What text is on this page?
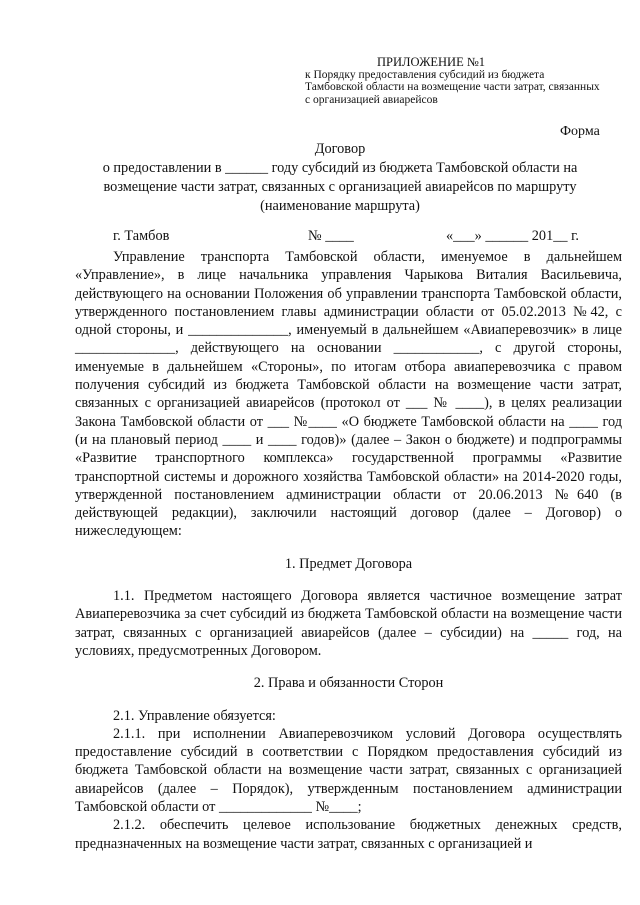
ПРИЛОЖЕНИЕ №1
к Порядку предоставления субсидий из бюджета Тамбовской области на возмещение части затрат, связанных с организацией авиарейсов
Форма
Договор
о предоставлении в ______ году субсидий из бюджета Тамбовской области на
возмещение части затрат, связанных с организацией авиарейсов по маршруту
(наименование маршрута)
г. Тамбов	№ ____	«___» ______ 201__ г.

Управление транспорта Тамбовской области, именуемое в дальнейшем «Управление», в лице начальника управления Чарыкова Виталия Васильевича, действующего на основании Положения об управлении транспорта Тамбовской области, утвержденного постановлением главы администрации области от 05.02.2013 №42, с одной стороны, и ______________, именуемый в дальнейшем «Авиаперевозчик» в лице ______________, действующего на основании ____________, с другой стороны, именуемые в дальнейшем «Стороны», по итогам отбора авиаперевозчика с правом получения субсидий из бюджета Тамбовской области на возмещение части затрат, связанных с организацией авиарейсов (протокол от ___ № ____), в целях реализации Закона Тамбовской области от ___ №____ «О бюджете Тамбовской области на ____ год (и на плановый период ____ и ____ годов)» (далее – Закон о бюджете) и подпрограммы «Развитие транспортного комплекса» государственной программы «Развитие транспортной системы и дорожного хозяйства Тамбовской области» на 2014-2020 годы, утвержденной постановлением администрации области от 20.06.2013 №640 (в действующей редакции), заключили настоящий договор (далее – Договор) о нижеследующем:

1. Предмет Договора

1.1. Предметом настоящего Договора является частичное возмещение затрат Авиаперевозчика за счет субсидий из бюджета Тамбовской области на возмещение части затрат, связанных с организацией авиарейсов (далее – субсидии) на _____ год, на условиях, предусмотренных Договором.

2. Права и обязанности Сторон

2.1. Управление обязуется:

2.1.1. при исполнении Авиаперевозчиком условий Договора осуществлять предоставление субсидий в соответствии с Порядком предоставления субсидий из бюджета Тамбовской области на возмещение части затрат, связанных с организацией авиарейсов (далее – Порядок), утвержденным постановлением администрации Тамбовской области от _____________ №____;

2.1.2. обеспечить целевое использование бюджетных денежных средств, предназначенных на возмещение части затрат, связанных с организацией и
